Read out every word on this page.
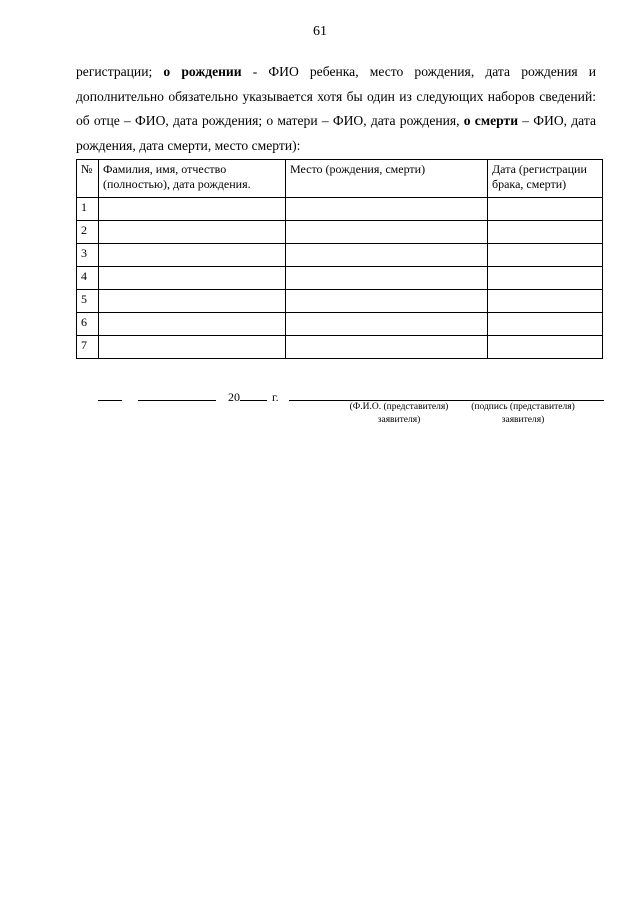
61
регистрации; о рождении - ФИО ребенка, место рождения, дата рождения и дополнительно обязательно указывается хотя бы один из следующих наборов сведений: об отце – ФИО, дата рождения; о матери – ФИО, дата рождения, о смерти – ФИО, дата рождения, дата смерти, место смерти):
№	Фамилия, имя, отчество (полностью), дата рождения.	Место (рождения, смерти)	Дата (регистрации брака, смерти)
1			
2			
3			
4			
5			
6			
7			
20	г.
(Ф.И.О. (представителя) заявителя)
(подпись (представителя) заявителя)
